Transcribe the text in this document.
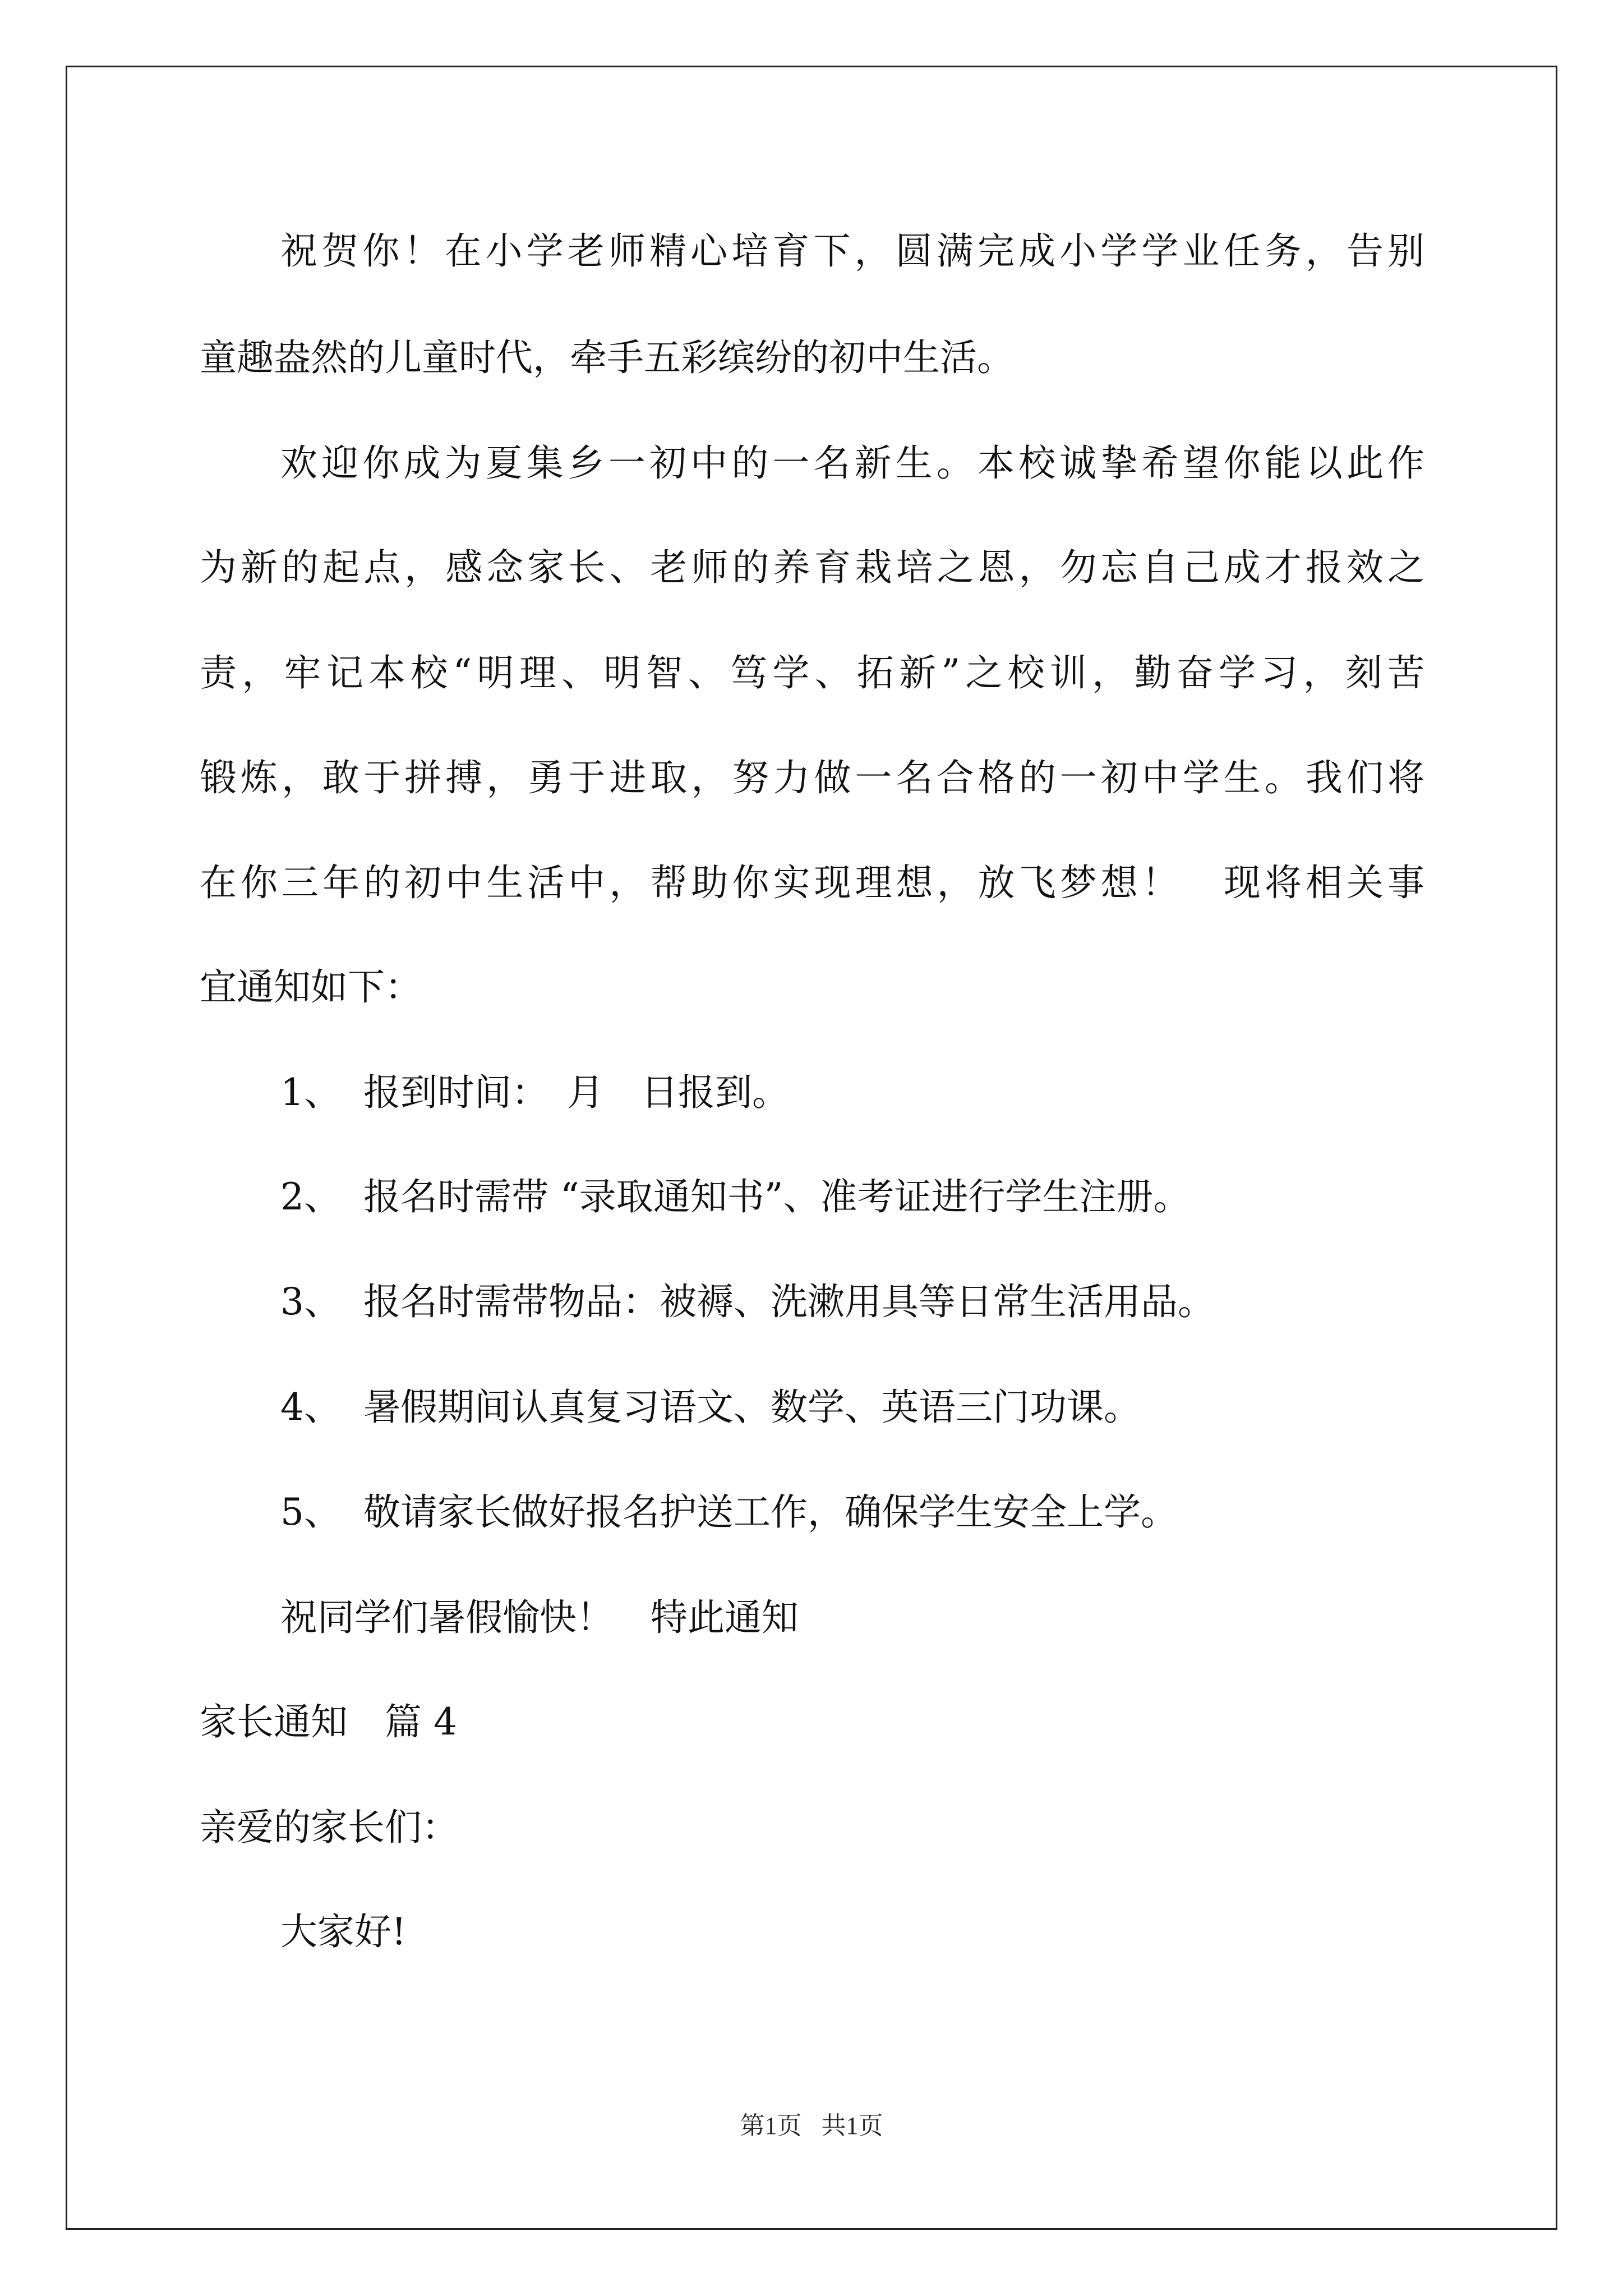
祝贺你！在小学老师精心培育下，圆满完成小学学业任务，告别
童趣盎然的儿童时代，牵手五彩缤纷的初中生活。
欢迎你成为夏集乡一初中的一名新生。本校诚挚希望你能以此作
为新的起点，感念家长、老师的养育栽培之恩，勿忘自己成才报效之
责，牢记本校“明理、明智、笃学、拓新”之校训，勤奋学习，刻苦
锻炼，敢于拼搏，勇于进取，努力做一名合格的一初中学生。我们将
在你三年的初中生活中，帮助你实现理想，放飞梦想！　现将相关事
宜通知如下：
1、 报到时间：　月　日报到。
2、 报名时需带 “录取通知书”、准考证进行学生注册。
3、 报名时需带物品：被褥、洗漱用具等日常生活用品。
4、 暑假期间认真复习语文、数学、英语三门功课。
5、 敬请家长做好报名护送工作，确保学生安全上学。
祝同学们暑假愉快！　特此通知
家长通知　篇 4
亲爱的家长们：
大家好!
第1页 共1页
